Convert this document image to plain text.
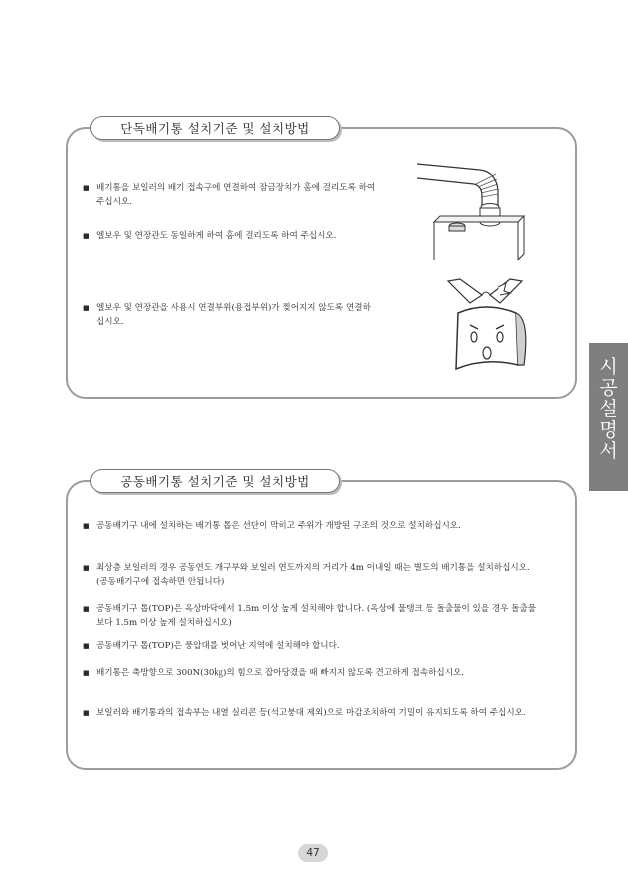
단독배기통 설치기준 및 설치방법
■ 배기통을 보일러의 배기 접속구에 연결하여 잠금장치가 홈에 걸리도록 하여 주십시오.
■ 엘보우 및 연장관도 동일하게 하여 홈에 걸리도록 하여 주십시오.
■ 엘보우 및 연장관을 사용시 연결부위(용접부위)가 찢어지지 않도록 연결하십시오.
시
공
설
명
서
공동배기통 설치기준 및 설치방법
■ 공동배기구 내에 설치하는 배기통 톱은 선단이 막히고 주위가 개방된 구조의 것으로 설치하십시오.
■ 최상층 보일러의 경우 공동연도 개구부와 보일러 연도까지의 거리가 4m 이내일 때는 별도의 배기통을 설치하십시오.(공동배기구에 접속하면 안됩니다)
■ 공동배기구 톱(TOP)은 옥상바닥에서 1.5m 이상 높게 설치해야 합니다. (옥상에 물탱크 등 돌출물이 있을 경우 돌출물보다 1.5m 이상 높게 설치하십시오)
■ 공동배기구 톱(TOP)은 풍압대를 벗어난 지역에 설치해야 합니다.
■ 배기통은 축방향으로 300N(30㎏)의 힘으로 잡아당겼을 때 빠지지 않도록 견고하게 접속하십시오.
■ 보일러와 배기통과의 접속부는 내열 실리콘 등(석고붕대 제외)으로 마감조치하여 기밀이 유지되도록 하여 주십시오.
47
